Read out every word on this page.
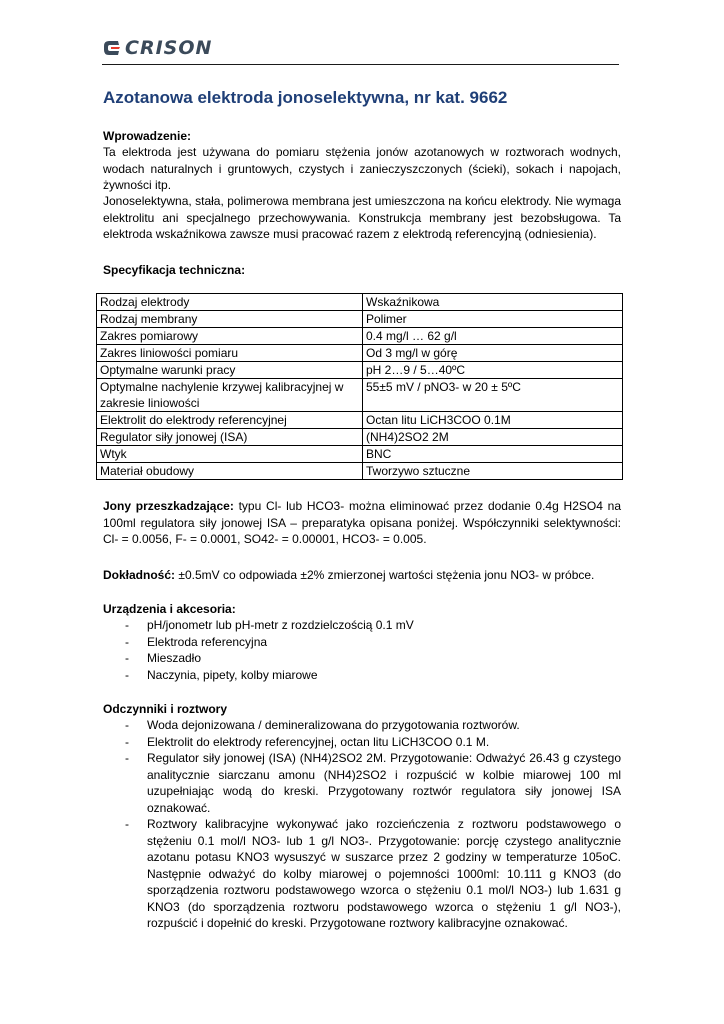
CRISON
Azotanowa elektroda jonoselektywna, nr kat. 9662

Wprowadzenie:

Ta elektroda jest używana do pomiaru stężenia jonów azotanowych w roztworach wodnych, wodach naturalnych i gruntowych, czystych i zanieczyszczonych (ścieki), sokach i napojach, żywności itp.

Jonoselektywna, stała, polimerowa membrana jest umieszczona na końcu elektrody. Nie wymaga elektrolitu ani specjalnego przechowywania. Konstrukcja membrany jest bezobsługowa. Ta elektroda wskaźnikowa zawsze musi pracować razem z elektrodą referencyjną (odniesienia).

Specyfikacja techniczna:

Rodzaj elektrody	Wskaźnikowa
Rodzaj membrany	Polimer
Zakres pomiarowy	0.4 mg/l … 62 g/l
Zakres liniowości pomiaru	Od 3 mg/l w górę
Optymalne warunki pracy	pH 2…9 / 5…40ºC
Optymalne nachylenie krzywej kalibracyjnej w zakresie liniowości	55±5 mV / pNO3- w 20 ± 5ºC
Elektrolit do elektrody referencyjnej	Octan litu LiCH3COO 0.1M
Regulator siły jonowej (ISA)	(NH4)2SO2 2M
Wtyk	BNC
Materiał obudowy	Tworzywo sztuczne

Jony przeszkadzające: typu Cl- lub HCO3- można eliminować przez dodanie 0.4g H2SO4 na 100ml regulatora siły jonowej ISA – preparatyka opisana poniżej. Współczynniki selektywności: Cl- = 0.0056, F- = 0.0001, SO42- = 0.00001, HCO3- = 0.005.

Dokładność: ±0.5mV co odpowiada ±2% zmierzonej wartości stężenia jonu NO3- w próbce.

Urządzenia i akcesoria:

- pH/jonometr lub pH-metr z rozdzielczością 0.1 mV
- Elektroda referencyjna
- Mieszadło
- Naczynia, pipety, kolby miarowe

Odczynniki i roztwory

- Woda dejonizowana / demineralizowana do przygotowania roztworów.
- Elektrolit do elektrody referencyjnej, octan litu LiCH3COO 0.1 M.
- Regulator siły jonowej (ISA) (NH4)2SO2 2M. Przygotowanie: Odważyć 26.43 g czystego analitycznie siarczanu amonu (NH4)2SO2 i rozpuścić w kolbie miarowej 100 ml uzupełniając wodą do kreski. Przygotowany roztwór regulatora siły jonowej ISA oznakować.
- Roztwory kalibracyjne wykonywać jako rozcieńczenia z roztworu podstawowego o stężeniu 0.1 mol/l NO3- lub 1 g/l NO3-. Przygotowanie: porcję czystego analitycznie azotanu potasu KNO3 wysuszyć w suszarce przez 2 godziny w temperaturze 105oC. Następnie odważyć do kolby miarowej o pojemności 1000ml: 10.111 g KNO3 (do sporządzenia roztworu podstawowego wzorca o stężeniu 0.1 mol/l NO3-) lub 1.631 g KNO3 (do sporządzenia roztworu podstawowego wzorca o stężeniu 1 g/l NO3-), rozpuścić i dopełnić do kreski. Przygotowane roztwory kalibracyjne oznakować.
